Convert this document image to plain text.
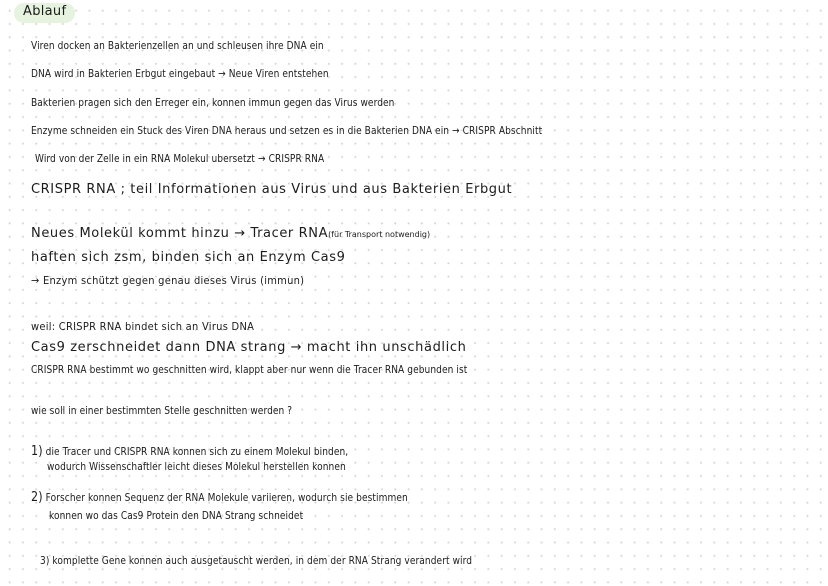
Ablauf
Viren docken an Bakterienzellen an und schleusen ihre DNA ein
DNA wird in Bakterien Erbgut eingebaut → Neue Viren entstehen
Bakterien pragen sich den Erreger ein, konnen immun gegen das Virus werden
Enzyme schneiden ein Stuck des Viren DNA heraus und setzen es in die Bakterien DNA ein → CRISPR Abschnitt
Wird von der Zelle in ein RNA Molekul ubersetzt → CRISPR RNA
CRISPR RNA ; teil Informationen aus Virus und aus Bakterien Erbgut
Neues Molekül kommt hinzu → Tracer RNA(für Transport notwendig)
haften sich zsm, binden sich an Enzym Cas9
→ Enzym schützt gegen genau dieses Virus (immun)
weil: CRISPR RNA bindet sich an Virus DNA
Cas9 zerschneidet dann DNA strang → macht ihn unschädlich
CRISPR RNA bestimmt wo geschnitten wird, klappt aber nur wenn die Tracer RNA gebunden ist
wie soll in einer bestimmten Stelle geschnitten werden ?
1) die Tracer und CRISPR RNA konnen sich zu einem Molekul binden,
wodurch Wissenschaftler leicht dieses Molekul herstellen konnen
2) Forscher konnen Sequenz der RNA Molekule variieren, wodurch sie bestimmen
konnen wo das Cas9 Protein den DNA Strang schneidet
3) komplette Gene konnen auch ausgetauscht werden, in dem der RNA Strang verandert wird
